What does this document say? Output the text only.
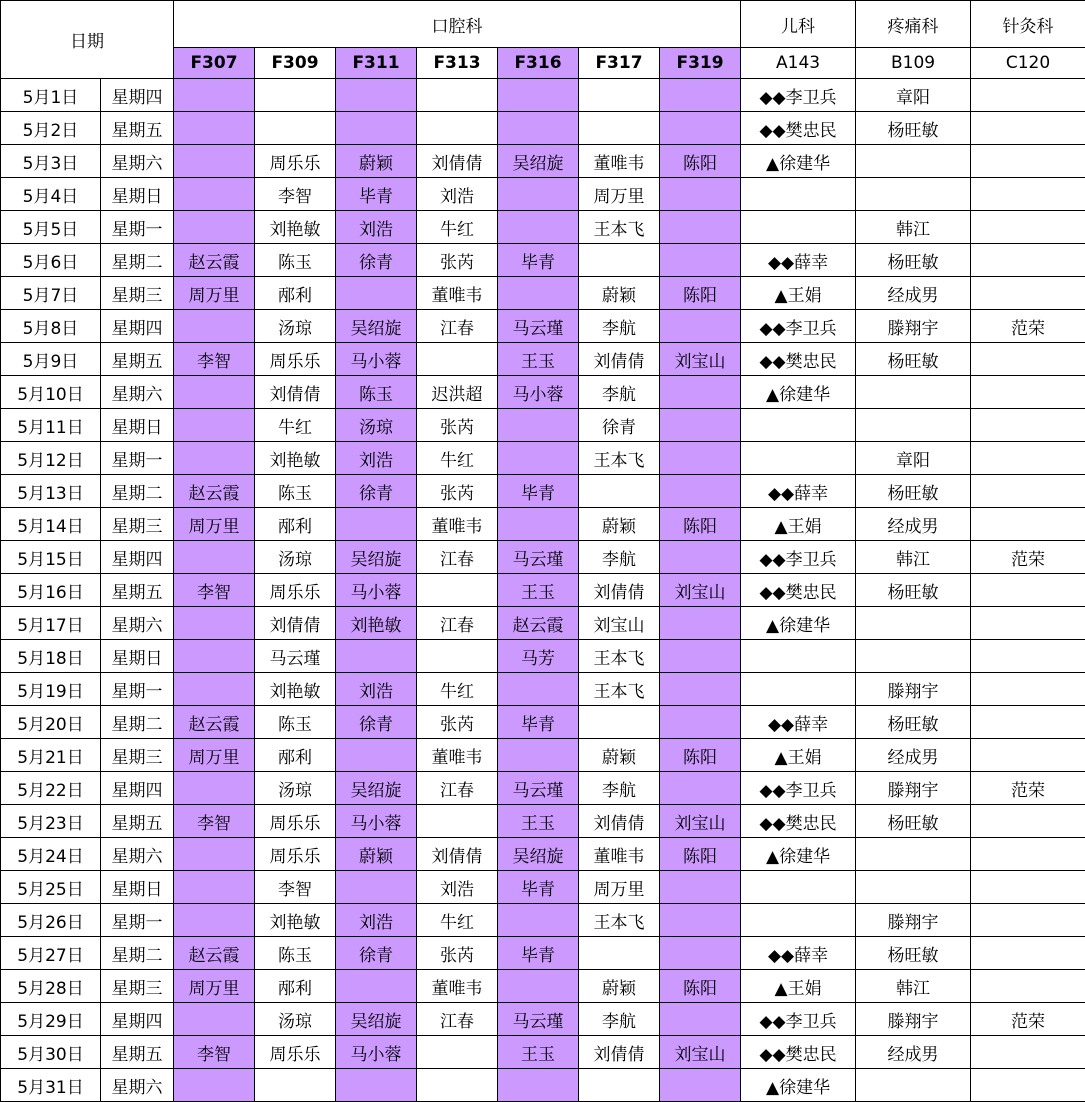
日期		口腔科							儿科	疼痛科	针灸科
		F307	F309	F311	F313	F316	F317	F319	A143	B109	C120
5月1日	星期四								◆◆李卫兵	章阳	
5月2日	星期五								◆◆樊忠民	杨旺敏	
5月3日	星期六		周乐乐	蔚颖	刘倩倩	吴绍旋	董唯韦	陈阳	▲徐建华		
5月4日	星期日		李智	毕青	刘浩		周万里				
5月5日	星期一		刘艳敏	刘浩	牛红		王本飞			韩江	
5月6日	星期二	赵云霞	陈玉	徐青	张芮	毕青			◆◆薛幸	杨旺敏	
5月7日	星期三	周万里	邴利		董唯韦		蔚颖	陈阳	▲王娟	经成男	
5月8日	星期四		汤琼	吴绍旋	江春	马云瑾	李航		◆◆李卫兵	滕翔宇	范荣
5月9日	星期五	李智	周乐乐	马小蓉		王玉	刘倩倩	刘宝山	◆◆樊忠民	杨旺敏	
5月10日	星期六		刘倩倩	陈玉	迟洪超	马小蓉	李航		▲徐建华		
5月11日	星期日		牛红	汤琼	张芮		徐青				
5月12日	星期一		刘艳敏	刘浩	牛红		王本飞			章阳	
5月13日	星期二	赵云霞	陈玉	徐青	张芮	毕青			◆◆薛幸	杨旺敏	
5月14日	星期三	周万里	邴利		董唯韦		蔚颖	陈阳	▲王娟	经成男	
5月15日	星期四		汤琼	吴绍旋	江春	马云瑾	李航		◆◆李卫兵	韩江	范荣
5月16日	星期五	李智	周乐乐	马小蓉		王玉	刘倩倩	刘宝山	◆◆樊忠民	杨旺敏	
5月17日	星期六		刘倩倩	刘艳敏	江春	赵云霞	刘宝山		▲徐建华		
5月18日	星期日		马云瑾			马芳	王本飞				
5月19日	星期一		刘艳敏	刘浩	牛红		王本飞			滕翔宇	
5月20日	星期二	赵云霞	陈玉	徐青	张芮	毕青			◆◆薛幸	杨旺敏	
5月21日	星期三	周万里	邴利		董唯韦		蔚颖	陈阳	▲王娟	经成男	
5月22日	星期四		汤琼	吴绍旋	江春	马云瑾	李航		◆◆李卫兵	滕翔宇	范荣
5月23日	星期五	李智	周乐乐	马小蓉		王玉	刘倩倩	刘宝山	◆◆樊忠民	杨旺敏	
5月24日	星期六		周乐乐	蔚颖	刘倩倩	吴绍旋	董唯韦	陈阳	▲徐建华		
5月25日	星期日		李智		刘浩	毕青	周万里				
5月26日	星期一		刘艳敏	刘浩	牛红		王本飞			滕翔宇	
5月27日	星期二	赵云霞	陈玉	徐青	张芮	毕青			◆◆薛幸	杨旺敏	
5月28日	星期三	周万里	邴利		董唯韦		蔚颖	陈阳	▲王娟	韩江	
5月29日	星期四		汤琼	吴绍旋	江春	马云瑾	李航		◆◆李卫兵	滕翔宇	范荣
5月30日	星期五	李智	周乐乐	马小蓉		王玉	刘倩倩	刘宝山	◆◆樊忠民	经成男	
5月31日	星期六								▲徐建华		
